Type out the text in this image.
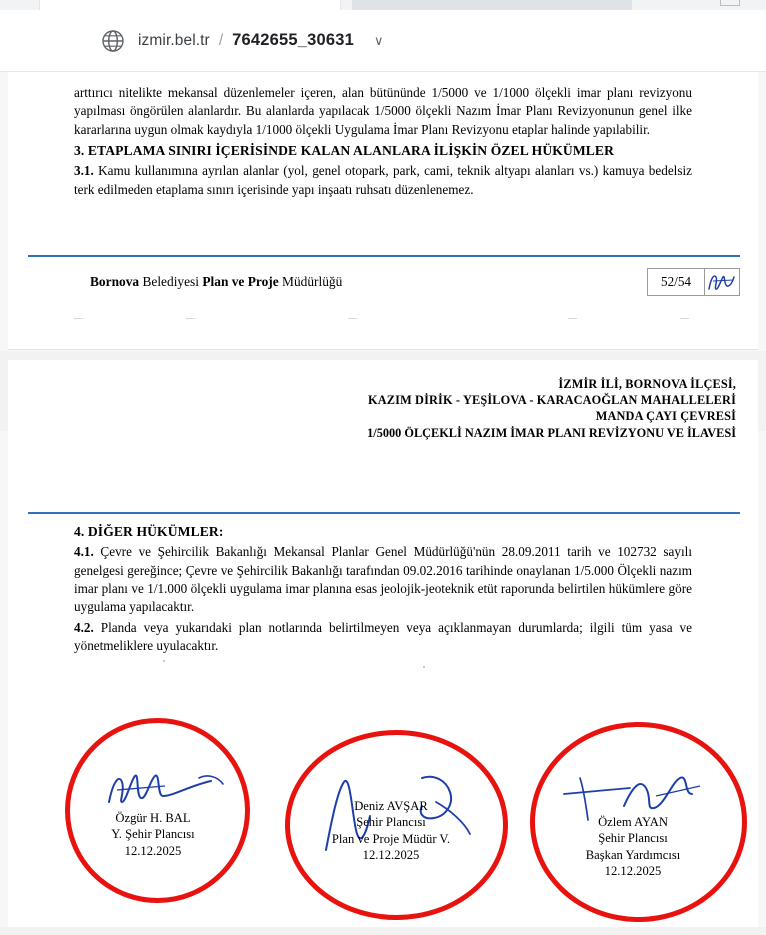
izmir.bel.tr / 7642655_30631 ∨

arttırıcı nitelikte mekansal düzenlemeler içeren, alan bütününde 1/5000 ve 1/1000 ölçekli imar planı revizyonu yapılması öngörülen alanlardır. Bu alanlarda yapılacak 1/5000 ölçekli Nazım İmar Planı Revizyonunun genel ilke kararlarına uygun olmak kaydıyla 1/1000 ölçekli Uygulama İmar Planı Revizyonu etaplar halinde yapılabilir.

3. ETAPLAMA SINIRI İÇERİSİNDE KALAN ALANLARA İLİŞKİN ÖZEL HÜKÜMLER

3.1. Kamu kullanımına ayrılan alanlar (yol, genel otopark, park, cami, teknik altyapı alanları vs.) kamuya bedelsiz terk edilmeden etaplama sınırı içerisinde yapı inşaatı ruhsatı düzenlenemez.

Bornova Belediyesi Plan ve Proje Müdürlüğü	52/54
İZMİR İLİ, BORNOVA İLÇESİ,
KAZIM DİRİK - YEŞİLOVA - KARACAOĞLAN MAHALLELERİ
MANDA ÇAYI ÇEVRESİ
1/5000 ÖLÇEKLİ NAZIM İMAR PLANI REVİZYONU VE İLAVESİ

4. DİĞER HÜKÜMLER:

4.1. Çevre ve Şehircilik Bakanlığı Mekansal Planlar Genel Müdürlüğü'nün 28.09.2011 tarih ve 102732 sayılı genelgesi gereğince; Çevre ve Şehircilik Bakanlığı tarafından 09.02.2016 tarihinde onaylanan 1/5.000 Ölçekli nazım imar planı ve 1/1.000 ölçekli uygulama imar planına esas jeolojik-jeoteknik etüt raporunda belirtilen hükümlere göre uygulama yapılacaktır.

4.2. Planda veya yukarıdaki plan notlarında belirtilmeyen veya açıklanmayan durumlarda; ilgili tüm yasa ve yönetmeliklere uyulacaktır.

Özgür H. BAL
Y. Şehir Plancısı
12.12.2025
Deniz AVŞAR
Şehir Plancısı
Plan ve Proje Müdür V.
12.12.2025
Özlem AYAN
Şehir Plancısı
Başkan Yardımcısı
12.12.2025
